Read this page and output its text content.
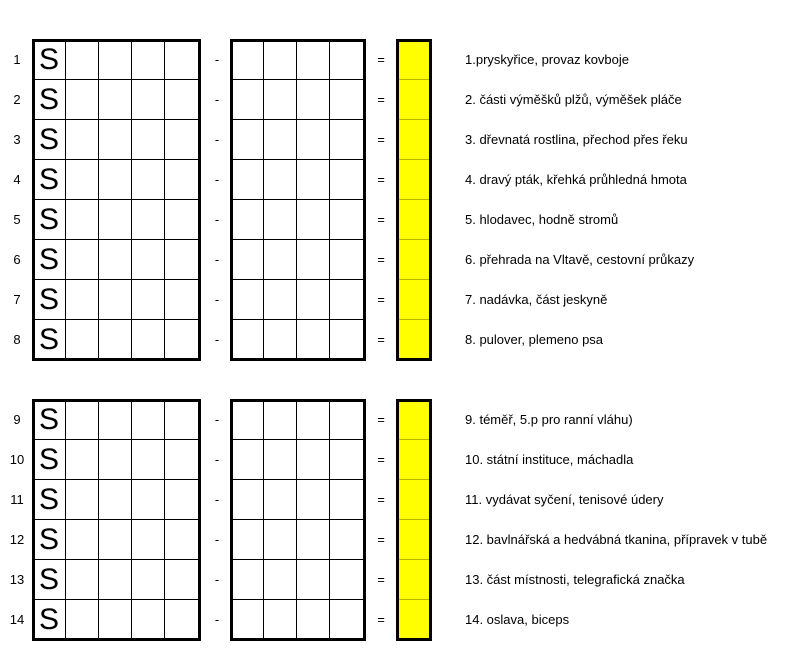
1 S	-	=	1.pryskyřice, provaz kovboje
2 S	-	=	2. části výměšků plžů, výměšek pláče
3 S	-	=	3. dřevnatá rostlina, přechod přes řeku
4 S	-	=	4. dravý pták, křehká průhledná hmota
5 S	-	=	5. hlodavec, hodně stromů
6 S	-	=	6. přehrada na Vltavě, cestovní průkazy
7 S	-	=	7. nadávka, část jeskyně
8 S	-	=	8. pulover, plemeno psa
9 S	-	=	9. téměř, 5.p pro ranní vláhu)
10 S	-	=	10. státní instituce, máchadla
11 S	-	=	11. vydávat syčení, tenisové údery
12 S	-	=	12. bavlnářská a hedvábná tkanina, přípravek v tubě
13 S	-	=	13. část místnosti, telegrafická značka
14 S	-	=	14. oslava, biceps
